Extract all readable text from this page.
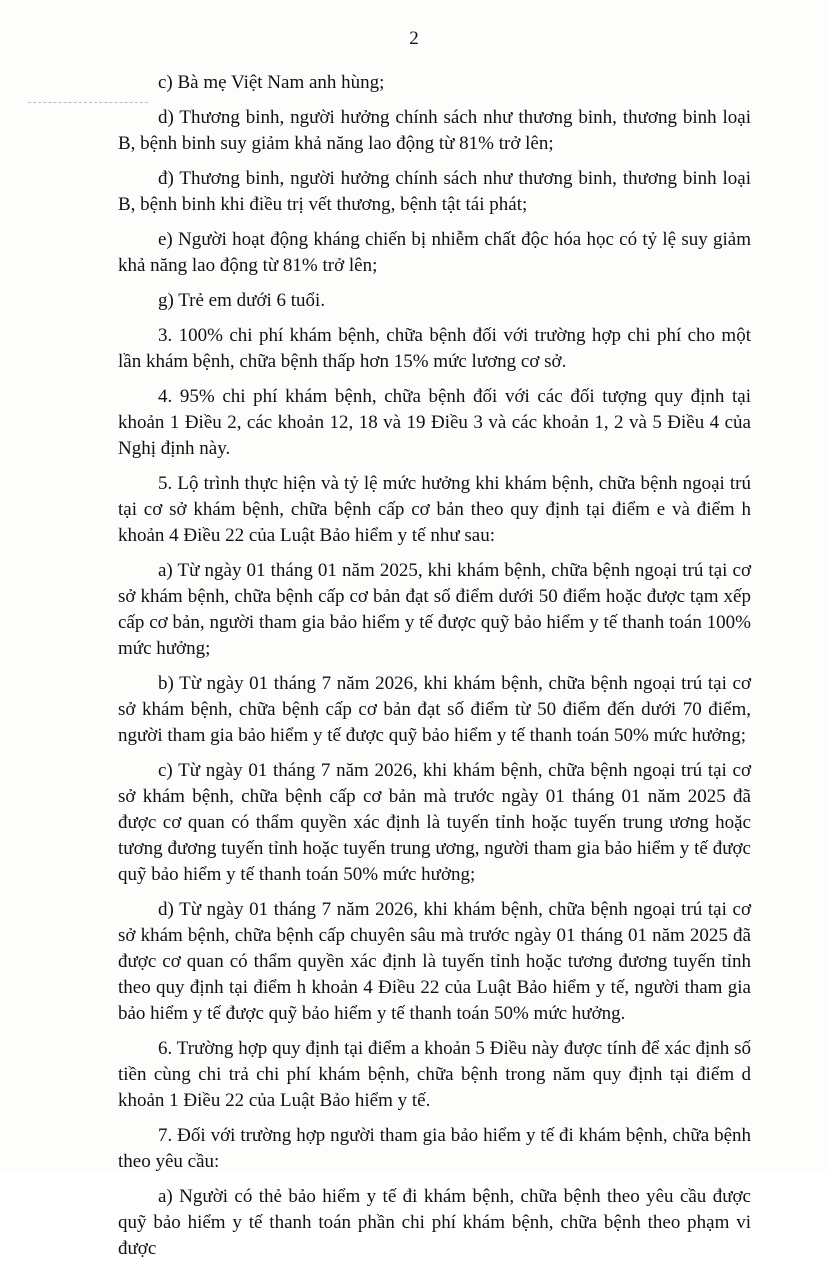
2

c) Bà mẹ Việt Nam anh hùng;

d) Thương binh, người hưởng chính sách như thương binh, thương binh loại B, bệnh binh suy giảm khả năng lao động từ 81% trở lên;

đ) Thương binh, người hưởng chính sách như thương binh, thương binh loại B, bệnh binh khi điều trị vết thương, bệnh tật tái phát;

e) Người hoạt động kháng chiến bị nhiễm chất độc hóa học có tỷ lệ suy giảm khả năng lao động từ 81% trở lên;

g) Trẻ em dưới 6 tuổi.

3. 100% chi phí khám bệnh, chữa bệnh đối với trường hợp chi phí cho một lần khám bệnh, chữa bệnh thấp hơn 15% mức lương cơ sở.

4. 95% chi phí khám bệnh, chữa bệnh đối với các đối tượng quy định tại khoản 1 Điều 2, các khoản 12, 18 và 19 Điều 3 và các khoản 1, 2 và 5 Điều 4 của Nghị định này.

5. Lộ trình thực hiện và tỷ lệ mức hưởng khi khám bệnh, chữa bệnh ngoại trú tại cơ sở khám bệnh, chữa bệnh cấp cơ bản theo quy định tại điểm e và điểm h khoản 4 Điều 22 của Luật Bảo hiểm y tế như sau:

a) Từ ngày 01 tháng 01 năm 2025, khi khám bệnh, chữa bệnh ngoại trú tại cơ sở khám bệnh, chữa bệnh cấp cơ bản đạt số điểm dưới 50 điểm hoặc được tạm xếp cấp cơ bản, người tham gia bảo hiểm y tế được quỹ bảo hiểm y tế thanh toán 100% mức hưởng;

b) Từ ngày 01 tháng 7 năm 2026, khi khám bệnh, chữa bệnh ngoại trú tại cơ sở khám bệnh, chữa bệnh cấp cơ bản đạt số điểm từ 50 điểm đến dưới 70 điểm, người tham gia bảo hiểm y tế được quỹ bảo hiểm y tế thanh toán 50% mức hưởng;

c) Từ ngày 01 tháng 7 năm 2026, khi khám bệnh, chữa bệnh ngoại trú tại cơ sở khám bệnh, chữa bệnh cấp cơ bản mà trước ngày 01 tháng 01 năm 2025 đã được cơ quan có thẩm quyền xác định là tuyến tỉnh hoặc tuyến trung ương hoặc tương đương tuyến tỉnh hoặc tuyến trung ương, người tham gia bảo hiểm y tế được quỹ bảo hiểm y tế thanh toán 50% mức hưởng;

d) Từ ngày 01 tháng 7 năm 2026, khi khám bệnh, chữa bệnh ngoại trú tại cơ sở khám bệnh, chữa bệnh cấp chuyên sâu mà trước ngày 01 tháng 01 năm 2025 đã được cơ quan có thẩm quyền xác định là tuyến tỉnh hoặc tương đương tuyến tỉnh theo quy định tại điểm h khoản 4 Điều 22 của Luật Bảo hiểm y tế, người tham gia bảo hiểm y tế được quỹ bảo hiểm y tế thanh toán 50% mức hưởng.

6. Trường hợp quy định tại điểm a khoản 5 Điều này được tính để xác định số tiền cùng chi trả chi phí khám bệnh, chữa bệnh trong năm quy định tại điểm d khoản 1 Điều 22 của Luật Bảo hiểm y tế.

7. Đối với trường hợp người tham gia bảo hiểm y tế đi khám bệnh, chữa bệnh theo yêu cầu:

a) Người có thẻ bảo hiểm y tế đi khám bệnh, chữa bệnh theo yêu cầu được quỹ bảo hiểm y tế thanh toán phần chi phí khám bệnh, chữa bệnh theo phạm vi được
